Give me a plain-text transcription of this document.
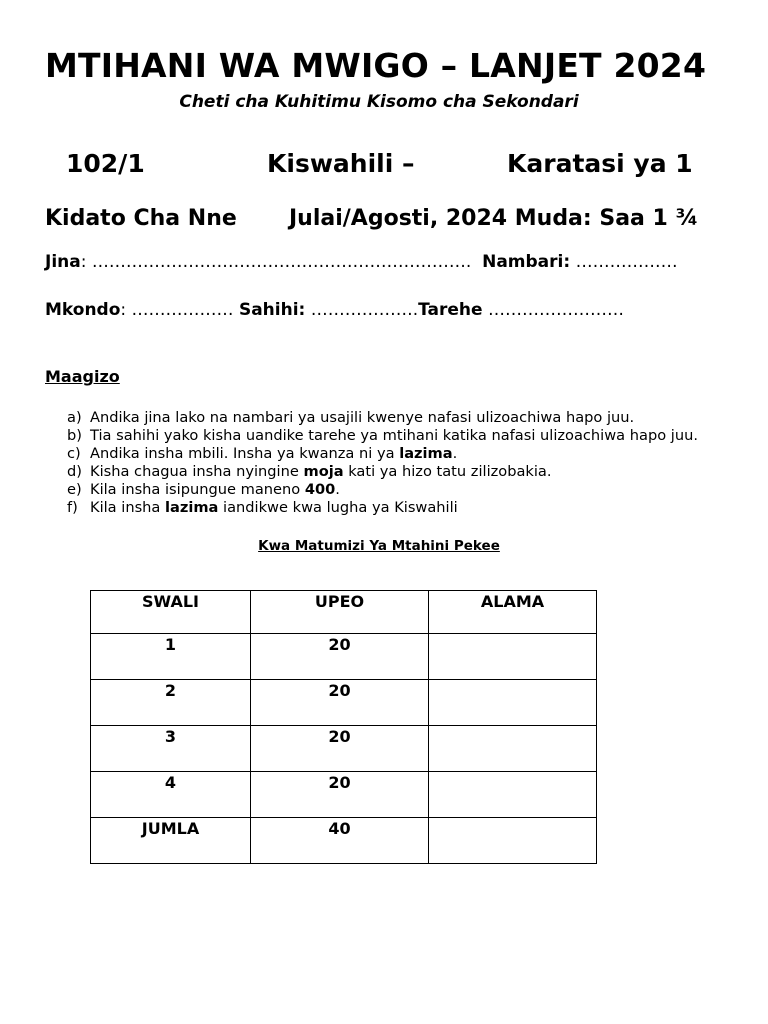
MTIHANI WA MWIGO – LANJET 2024
Cheti cha Kuhitimu Kisomo cha Sekondari
102/1	Kiswahili –	Karatasi ya 1
Kidato Cha Nne Julai/Agosti, 2024 Muda: Saa 1 ¾
Jina: …………………………………………………………. Nambari: ………………
Mkondo: ……………… Sahihi: ……………….Tarehe ……………………
Maagizo
a) Andika jina lako na nambari ya usajili kwenye nafasi ulizoachiwa hapo juu.
b) Tia sahihi yako kisha uandike tarehe ya mtihani katika nafasi ulizoachiwa hapo juu.
c) Andika insha mbili. Insha ya kwanza ni ya lazima.
d) Kisha chagua insha nyingine moja kati ya hizo tatu zilizobakia.
e) Kila insha isipungue maneno 400.
f) Kila insha lazima iandikwe kwa lugha ya Kiswahili
Kwa Matumizi Ya Mtahini Pekee
SWALI	UPEO	ALAMA
1	20	
2	20	
3	20	
4	20	
JUMLA	40	
